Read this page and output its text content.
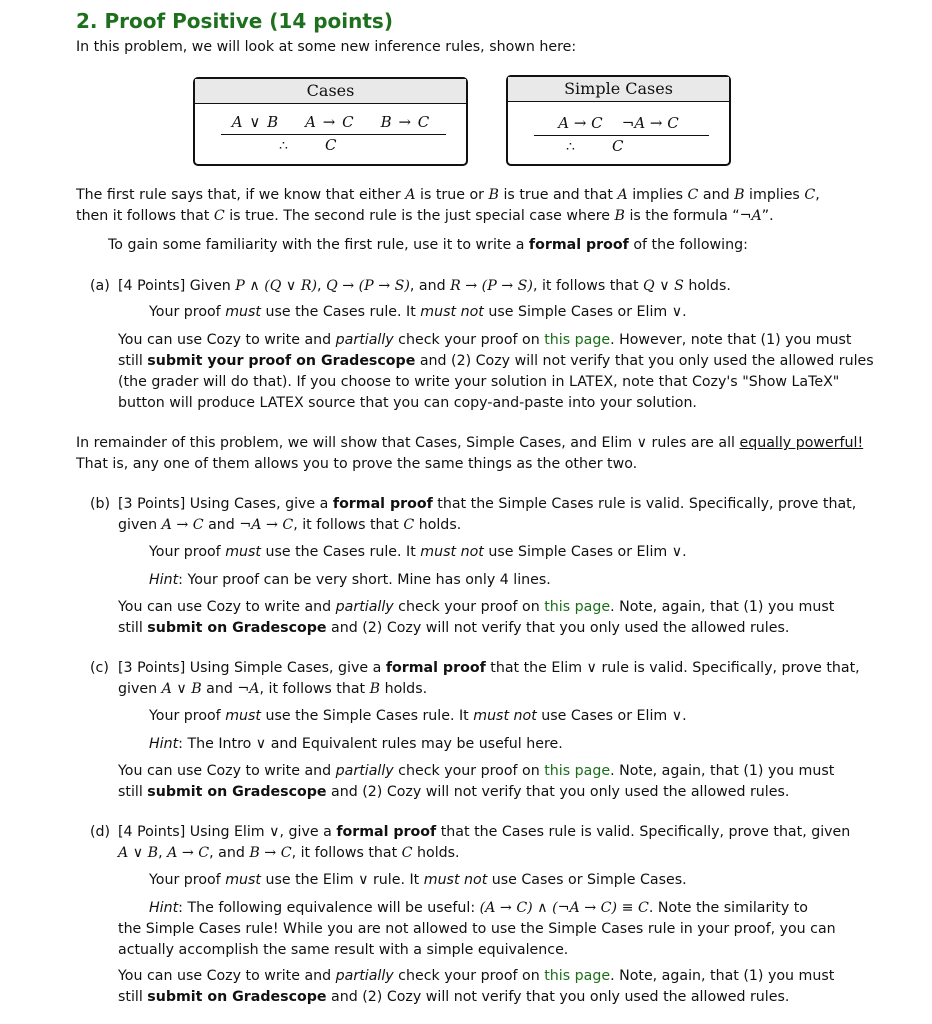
2. Proof Positive (14 points)
In this problem, we will look at some new inference rules, shown here:
Cases
A ∨ B A → C B → C
∴ C
Simple Cases
A → C ¬A → C
∴ C

The first rule says that, if we know that either A is true or B is true and that A implies C and B implies C,

then it follows that C is true. The second rule is the just special case where B is the formula “¬A”.

To gain some familiarity with the first rule, use it to write a formal proof of the following:
(a) [4 Points] Given P ∧ (Q ∨ R), Q → (P → S), and R → (P → S), it follows that Q ∨ S holds.
Your proof must use the Cases rule. It must not use Simple Cases or Elim ∨.

You can use Cozy to write and partially check your proof on this page. However, note that (1) you must

still submit your proof on Gradescope and (2) Cozy will not verify that you only used the allowed rules

(the grader will do that). If you choose to write your solution in LATEX, note that Cozy's "Show LaTeX"

button will produce LATEX source that you can copy-and-paste into your solution.

In remainder of this problem, we will show that Cases, Simple Cases, and Elim ∨ rules are all equally powerful!

That is, any one of them allows you to prove the same things as the other two.

(b) [3 Points] Using Cases, give a formal proof that the Simple Cases rule is valid. Specifically, prove that,

given A → C and ¬A → C, it follows that C holds.

Your proof must use the Cases rule. It must not use Simple Cases or Elim ∨.
Hint: Your proof can be very short. Mine has only 4 lines.

You can use Cozy to write and partially check your proof on this page. Note, again, that (1) you must

still submit on Gradescope and (2) Cozy will not verify that you only used the allowed rules.

(c) [3 Points] Using Simple Cases, give a formal proof that the Elim ∨ rule is valid. Specifically, prove that,

given A ∨ B and ¬A, it follows that B holds.

Your proof must use the Simple Cases rule. It must not use Cases or Elim ∨.
Hint: The Intro ∨ and Equivalent rules may be useful here.

You can use Cozy to write and partially check your proof on this page. Note, again, that (1) you must

still submit on Gradescope and (2) Cozy will not verify that you only used the allowed rules.

(d) [4 Points] Using Elim ∨, give a formal proof that the Cases rule is valid. Specifically, prove that, given

A ∨ B, A → C, and B → C, it follows that C holds.

Your proof must use the Elim ∨ rule. It must not use Cases or Simple Cases.

Hint: The following equivalence will be useful: (A → C) ∧ (¬A → C) ≡ C. Note the similarity to

the Simple Cases rule! While you are not allowed to use the Simple Cases rule in your proof, you can

actually accomplish the same result with a simple equivalence.

You can use Cozy to write and partially check your proof on this page. Note, again, that (1) you must

still submit on Gradescope and (2) Cozy will not verify that you only used the allowed rules.
